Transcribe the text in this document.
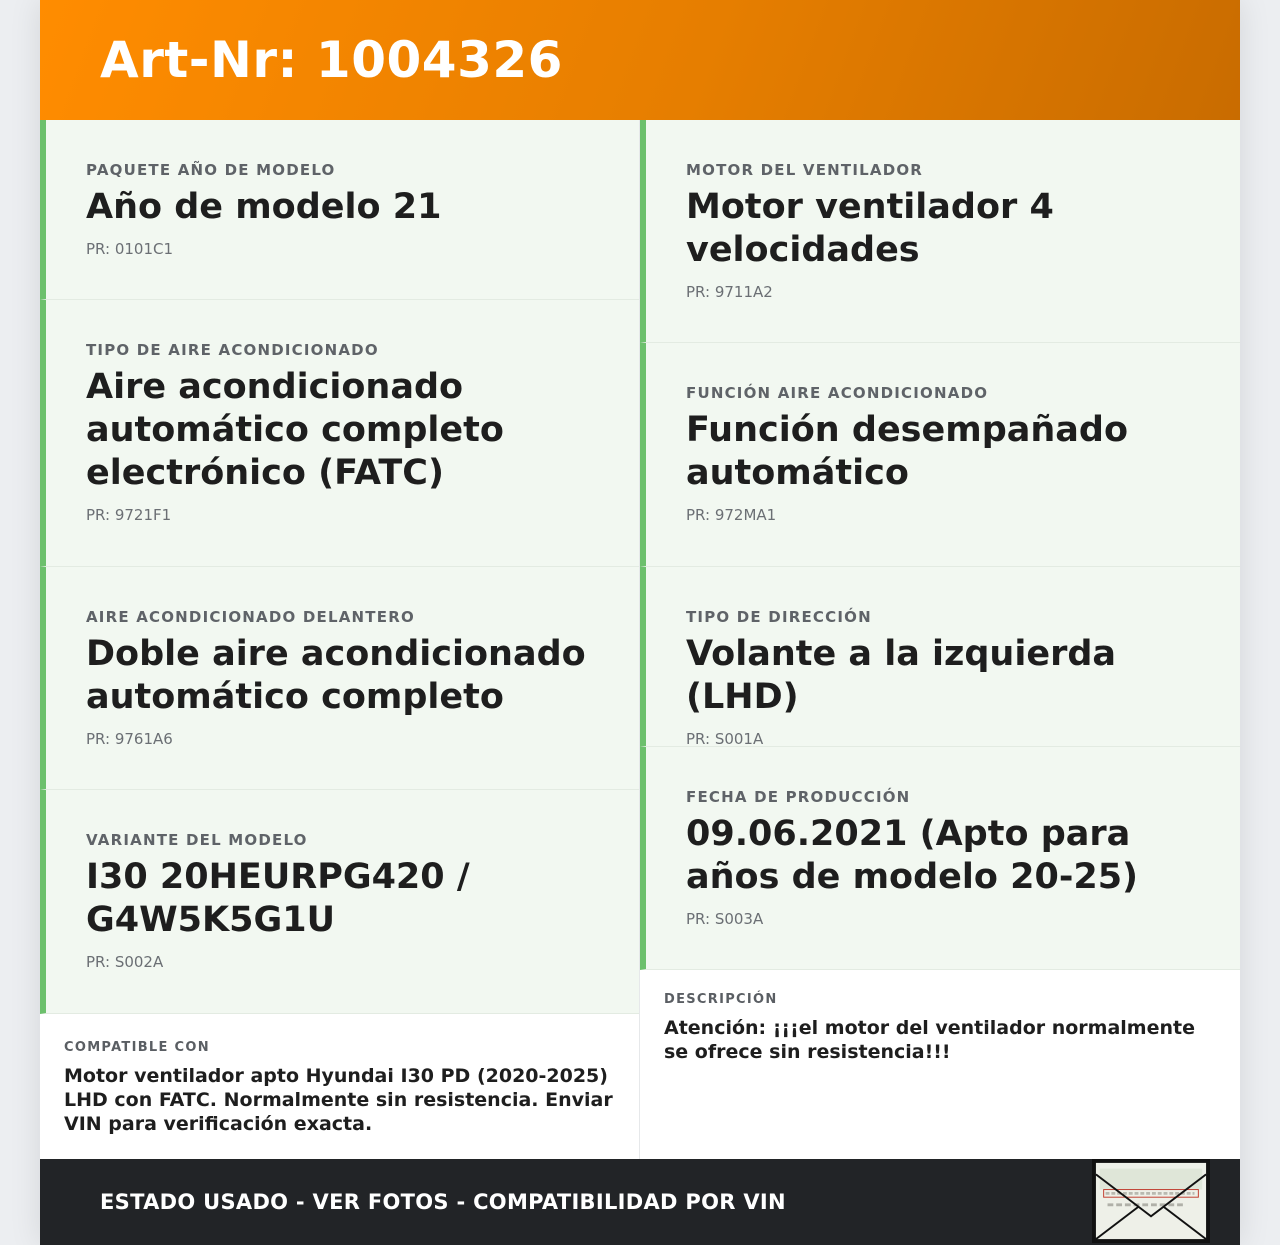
Art-Nr: 1004326
PAQUETE AÑO DE MODELO
Año de modelo 21
PR: 0101C1
TIPO DE AIRE ACONDICIONADO
Aire acondicionado automático completo electrónico (FATC)
PR: 9721F1
AIRE ACONDICIONADO DELANTERO
Doble aire acondicionado automático completo
PR: 9761A6
VARIANTE DEL MODELO
I30 20HEURPG420 / G4W5K5G1U
PR: S002A
COMPATIBLE CON
Motor ventilador apto Hyundai I30 PD (2020-2025) LHD con FATC. Normalmente sin resistencia. Enviar VIN para verificación exacta.
MOTOR DEL VENTILADOR
Motor ventilador 4 velocidades
PR: 9711A2
FUNCIÓN AIRE ACONDICIONADO
Función desempañado automático
PR: 972MA1
TIPO DE DIRECCIÓN
Volante a la izquierda (LHD)
PR: S001A
FECHA DE PRODUCCIÓN
09.06.2021 (Apto para años de modelo 20-25)
PR: S003A
DESCRIPCIÓN
Atención: ¡¡¡el motor del ventilador normalmente se ofrece sin resistencia!!!
ESTADO USADO - VER FOTOS - COMPATIBILIDAD POR VIN
